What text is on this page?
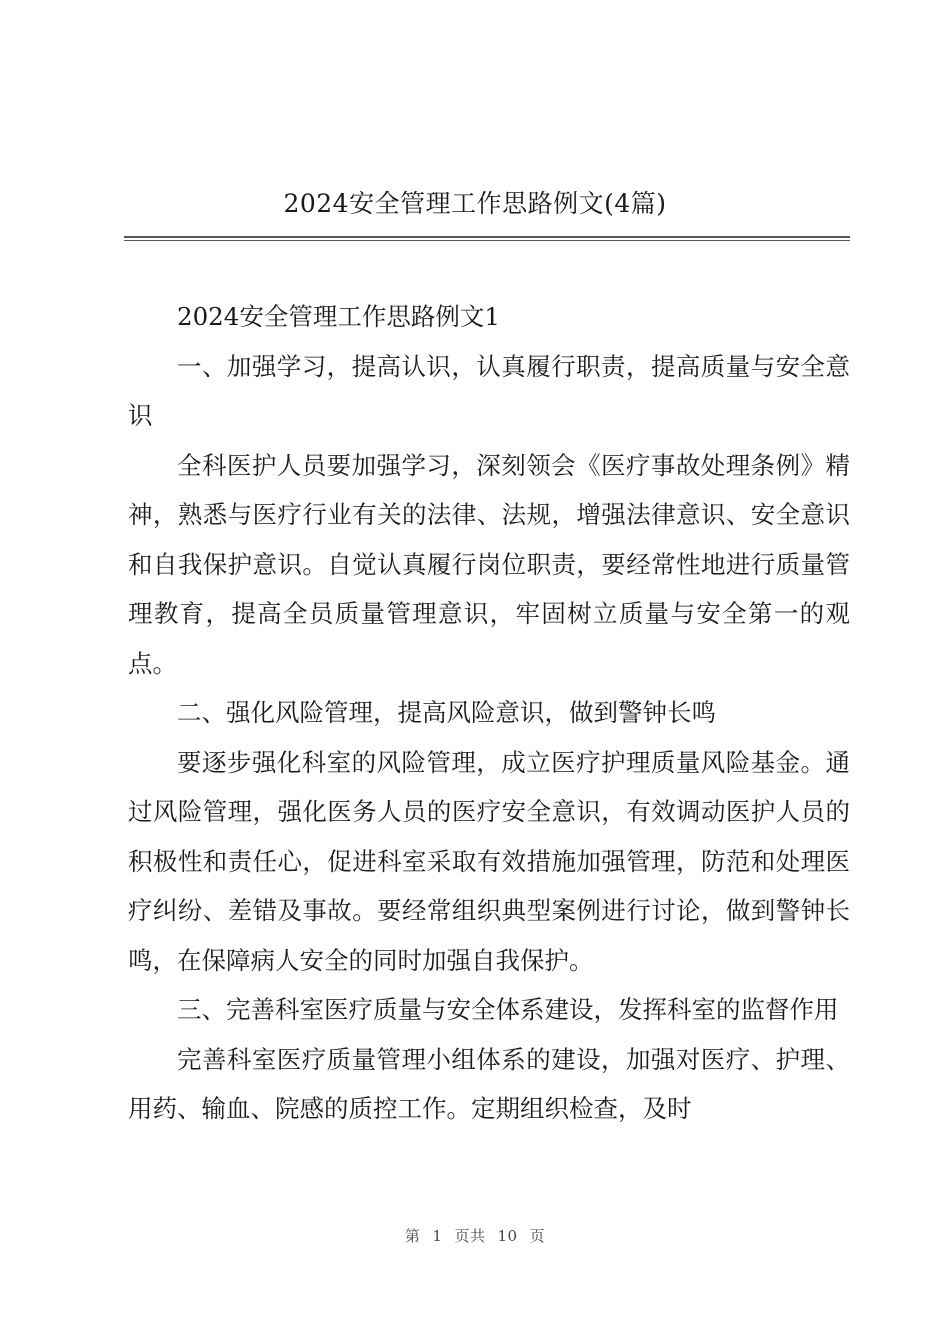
2024安全管理工作思路例文(4篇)

2024安全管理工作思路例文1

一、加强学习，提高认识，认真履行职责，提高质量与安全意识

全科医护人员要加强学习，深刻领会《医疗事故处理条例》精神，熟悉与医疗行业有关的法律、法规，增强法律意识、安全意识和自我保护意识。自觉认真履行岗位职责，要经常性地进行质量管理教育，提高全员质量管理意识，牢固树立质量与安全第一的观点。

二、强化风险管理，提高风险意识，做到警钟长鸣

要逐步强化科室的风险管理，成立医疗护理质量风险基金。通过风险管理，强化医务人员的医疗安全意识，有效调动医护人员的积极性和责任心，促进科室采取有效措施加强管理，防范和处理医疗纠纷、差错及事故。要经常组织典型案例进行讨论，做到警钟长鸣，在保障病人安全的同时加强自我保护。

三、完善科室医疗质量与安全体系建设，发挥科室的监督作用

完善科室医疗质量管理小组体系的建设，加强对医疗、护理、用药、输血、院感的质控工作。定期组织检查，及时

第 1 页共 10 页
